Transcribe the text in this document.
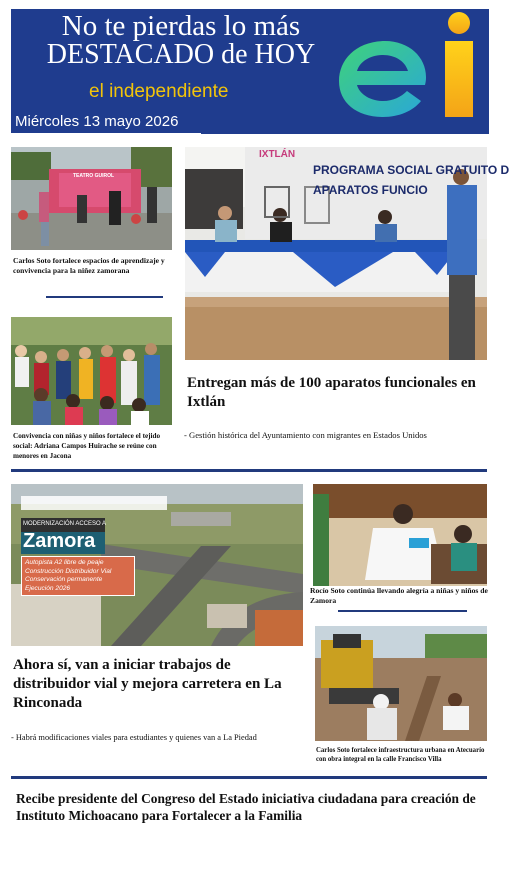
No te pierdas lo más
DESTACADO de HOY
el independiente
Miércoles 13 mayo 2026
TEATRO GUIROL
Carlos Soto fortalece espacios de aprendizaje y convivencia para la niñez zamorana
Convivencia con niñas y niños fortalece el tejido social: Adriana Campos Huirache se reúne con menores en Jacona
IXTLÁN
PROGRAMA SOCIAL GRATUITO D
APARATOS FUNCIO
Entregan más de 100 aparatos funcionales en Ixtlán
- Gestión histórica del Ayuntamiento con migrantes en Estados Unidos
MODERNIZACIÓN ACCESO A
Zamora
Autopista A2 libre de peaje
Construcción Distribuidor Vial
Conservación permanente
Ejecución 2026
Ahora sí, van a iniciar trabajos de distribuidor vial y mejora carretera en La Rinconada
- Habrá modificaciones viales para estudiantes y quienes van a La Piedad
Rocío Soto continúa llevando alegría a niñas y niños de Zamora
Carlos Soto fortalece infraestructura urbana en Atecuarío con obra integral en la calle Francisco Villa
Recibe presidente del Congreso del Estado iniciativa ciudadana para creación de Instituto Michoacano para Fortalecer a la Familia
